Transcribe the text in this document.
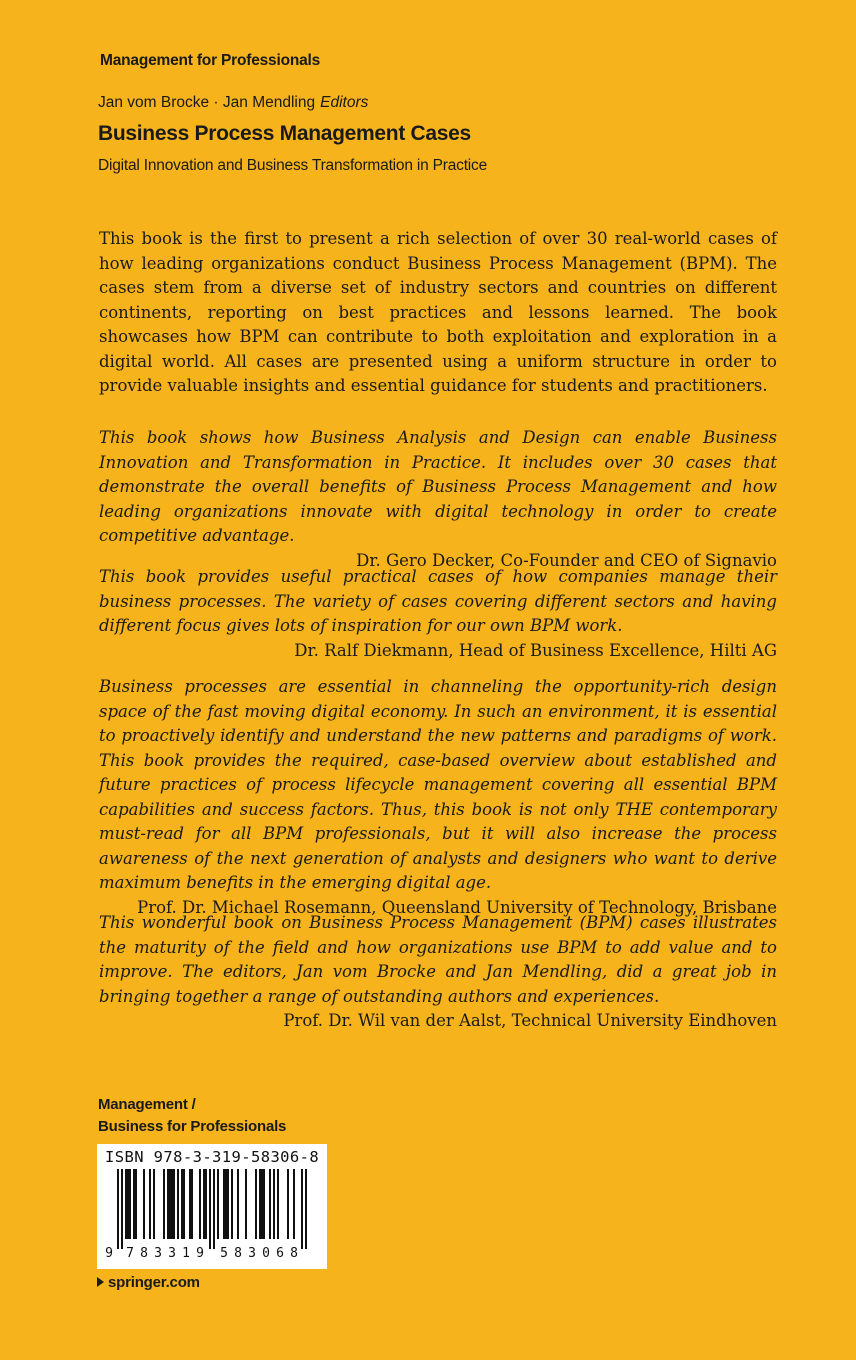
Management for Professionals
Jan vom Brocke · Jan Mendling Editors
Business Process Management Cases
Digital Innovation and Business Transformation in Practice

This book is the first to present a rich selection of over 30 real-world cases of how leading organizations conduct Business Process Management (BPM). The cases stem from a diverse set of industry sectors and countries on different continents, reporting on best practices and lessons learned. The book showcases how BPM can contribute to both exploitation and exploration in a digital world. All cases are presented using a uniform structure in order to provide valuable insights and essential guidance for students and practitioners.

This book shows how Business Analysis and Design can enable Business Innovation and Transformation in Practice. It includes over 30 cases that demonstrate the overall benefits of Business Process Management and how leading organizations innovate with digital technology in order to create competitive advantage.

Dr. Gero Decker, Co-Founder and CEO of Signavio

This book provides useful practical cases of how companies manage their business processes. The variety of cases covering different sectors and having different focus gives lots of inspiration for our own BPM work.

Dr. Ralf Diekmann, Head of Business Excellence, Hilti AG

Business processes are essential in channeling the opportunity-rich design space of the fast moving digital economy. In such an environment, it is essential to proactively identify and understand the new patterns and paradigms of work. This book provides the required, case-based overview about established and future practices of process lifecycle management covering all essential BPM capabilities and success factors. Thus, this book is not only THE contemporary must-read for all BPM professionals, but it will also increase the process awareness of the next generation of analysts and designers who want to derive maximum benefits in the emerging digital age.

Prof. Dr. Michael Rosemann, Queensland University of Technology, Brisbane

This wonderful book on Business Process Management (BPM) cases illustrates the maturity of the field and how organizations use BPM to add value and to improve. The editors, Jan vom Brocke and Jan Mendling, did a great job in bringing together a range of outstanding authors and experiences.

Prof. Dr. Wil van der Aalst, Technical University Eindhoven

Management /
Business for Professionals
ISBN 978-3-319-58306-8
9 7 8 3 3 1 9 5 8 3 0 6 8
springer.com
